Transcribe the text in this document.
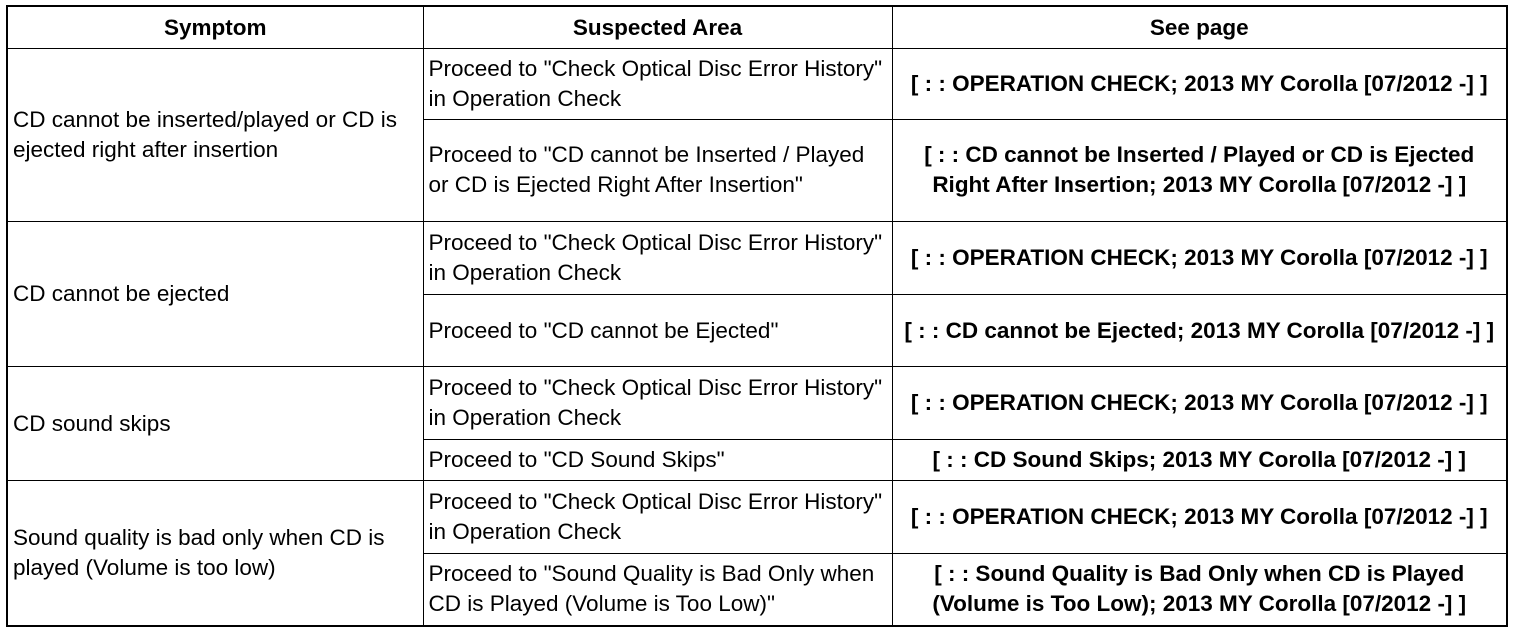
Symptom	Suspected Area	See page
CD cannot be inserted/played or CD is ejected right after insertion	Proceed to "Check Optical Disc Error History" in Operation Check	[ : : OPERATION CHECK; 2013 MY Corolla [07/2012 -] ]
	Proceed to "CD cannot be Inserted / Played or CD is Ejected Right After Insertion"	[ : : CD cannot be Inserted / Played or CD is Ejected Right After Insertion; 2013 MY Corolla [07/2012 -] ]
CD cannot be ejected	Proceed to "Check Optical Disc Error History" in Operation Check	[ : : OPERATION CHECK; 2013 MY Corolla [07/2012 -] ]
	Proceed to "CD cannot be Ejected"	[ : : CD cannot be Ejected; 2013 MY Corolla [07/2012 -] ]
CD sound skips	Proceed to "Check Optical Disc Error History" in Operation Check	[ : : OPERATION CHECK; 2013 MY Corolla [07/2012 -] ]
	Proceed to "CD Sound Skips"	[ : : CD Sound Skips; 2013 MY Corolla [07/2012 -] ]
Sound quality is bad only when CD is played (Volume is too low)	Proceed to "Check Optical Disc Error History" in Operation Check	[ : : OPERATION CHECK; 2013 MY Corolla [07/2012 -] ]
	Proceed to "Sound Quality is Bad Only when CD is Played (Volume is Too Low)"	[ : : Sound Quality is Bad Only when CD is Played (Volume is Too Low); 2013 MY Corolla [07/2012 -] ]
